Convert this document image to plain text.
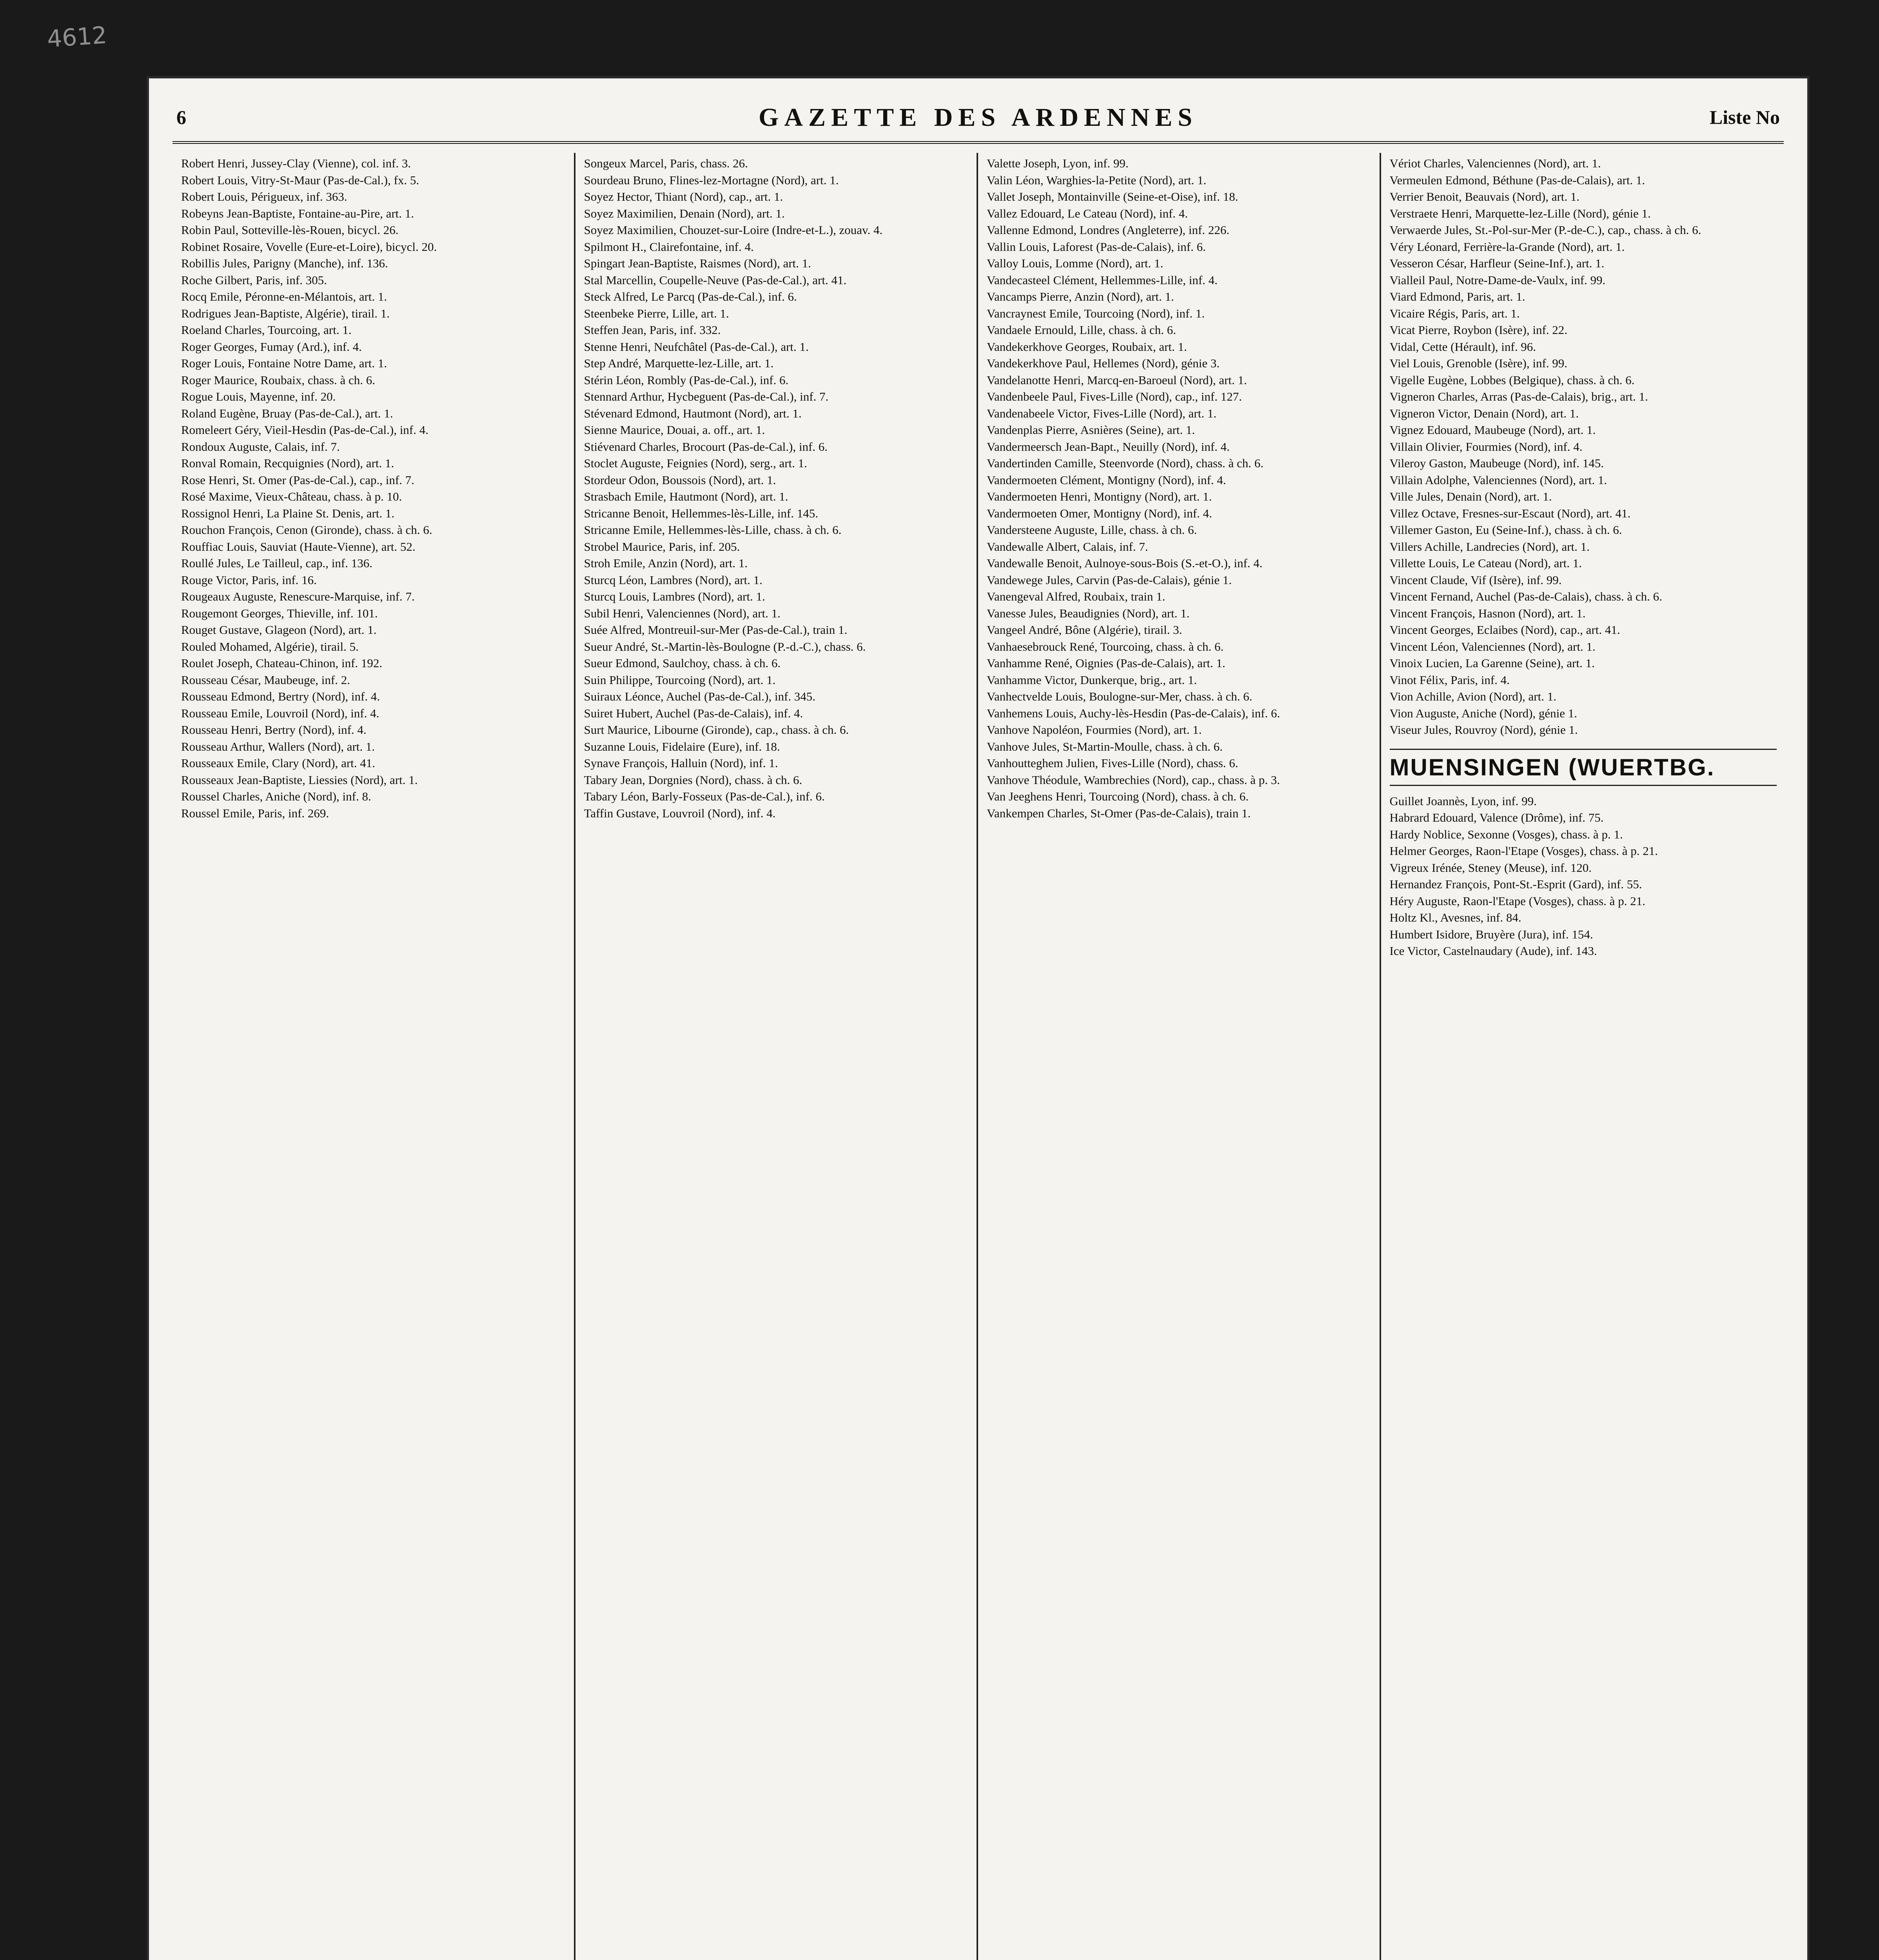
4612
6	GAZETTE DES ARDENNES	Liste No
Robert Henri, Jussey-Clay (Vienne), col. inf. 3.
Robert Louis, Vitry-St-Maur (Pas-de-Cal.), fx. 5.
Robert Louis, Périgueux, inf. 363.
Robeyns Jean-Baptiste, Fontaine-au-Pire, art. 1.
Robin Paul, Sotteville-lès-Rouen, bicycl. 26.
Robinet Rosaire, Vovelle (Eure-et-Loire), bicycl. 20.
Robillis Jules, Parigny (Manche), inf. 136.
Roche Gilbert, Paris, inf. 305.
Rocq Emile, Péronne-en-Mélantois, art. 1.
Rodrigues Jean-Baptiste, Algérie), tirail. 1.
Roeland Charles, Tourcoing, art. 1.
Roger Georges, Fumay (Ard.), inf. 4.
Roger Louis, Fontaine Notre Dame, art. 1.
Roger Maurice, Roubaix, chass. à ch. 6.
Rogue Louis, Mayenne, inf. 20.
Roland Eugène, Bruay (Pas-de-Cal.), art. 1.
Romeleert Géry, Vieil-Hesdin (Pas-de-Cal.), inf. 4.
Rondoux Auguste, Calais, inf. 7.
Ronval Romain, Recquignies (Nord), art. 1.
Rose Henri, St. Omer (Pas-de-Cal.), cap., inf. 7.
Rosé Maxime, Vieux-Château, chass. à p. 10.
Rossignol Henri, La Plaine St. Denis, art. 1.
Rouchon François, Cenon (Gironde), chass. à ch. 6.
Rouffiac Louis, Sauviat (Haute-Vienne), art. 52.
Roullé Jules, Le Tailleul, cap., inf. 136.
Rouge Victor, Paris, inf. 16.
Rougeaux Auguste, Renescure-Marquise, inf. 7.
Rougemont Georges, Thieville, inf. 101.
Rouget Gustave, Glageon (Nord), art. 1.
Rouled Mohamed, Algérie), tirail. 5.
Roulet Joseph, Chateau-Chinon, inf. 192.
Rousseau César, Maubeuge, inf. 2.
Rousseau Edmond, Bertry (Nord), inf. 4.
Rousseau Emile, Louvroil (Nord), inf. 4.
Rousseau Henri, Bertry (Nord), inf. 4.
Rousseau Arthur, Wallers (Nord), art. 1.
Rousseaux Emile, Clary (Nord), art. 41.
Rousseaux Jean-Baptiste, Liessies (Nord), art. 1.
Roussel Charles, Aniche (Nord), inf. 8.
Roussel Emile, Paris, inf. 269.
Songeux Marcel, Paris, chass. 26.
Sourdeau Bruno, Flines-lez-Mortagne (Nord), art. 1.
Soyez Hector, Thiant (Nord), cap., art. 1.
Soyez Maximilien, Denain (Nord), art. 1.
Soyez Maximilien, Chouzet-sur-Loire (Indre-et-L.), zouav. 4.
Spilmont H., Clairefontaine, inf. 4.
Spingart Jean-Baptiste, Raismes (Nord), art. 1.
Stal Marcellin, Coupelle-Neuve (Pas-de-Cal.), art. 41.
Steck Alfred, Le Parcq (Pas-de-Cal.), inf. 6.
Steenbeke Pierre, Lille, art. 1.
Steffen Jean, Paris, inf. 332.
Stenne Henri, Neufchâtel (Pas-de-Cal.), art. 1.
Step André, Marquette-lez-Lille, art. 1.
Stérin Léon, Rombly (Pas-de-Cal.), inf. 6.
Stennard Arthur, Hycbeguent (Pas-de-Cal.), inf. 7.
Stévenard Edmond, Hautmont (Nord), art. 1.
Sienne Maurice, Douai, a. off., art. 1.
Stiévenard Charles, Brocourt (Pas-de-Cal.), inf. 6.
Stoclet Auguste, Feignies (Nord), serg., art. 1.
Stordeur Odon, Boussois (Nord), art. 1.
Strasbach Emile, Hautmont (Nord), art. 1.
Stricanne Benoit, Hellemmes-lès-Lille, inf. 145.
Stricanne Emile, Hellemmes-lès-Lille, chass. à ch. 6.
Strobel Maurice, Paris, inf. 205.
Stroh Emile, Anzin (Nord), art. 1.
Sturcq Léon, Lambres (Nord), art. 1.
Sturcq Louis, Lambres (Nord), art. 1.
Subil Henri, Valenciennes (Nord), art. 1.
Suée Alfred, Montreuil-sur-Mer (Pas-de-Cal.), train 1.
Sueur André, St.-Martin-lès-Boulogne (P.-d.-C.), chass. 6.
Sueur Edmond, Saulchoy, chass. à ch. 6.
Suin Philippe, Tourcoing (Nord), art. 1.
Suiraux Léonce, Auchel (Pas-de-Cal.), inf. 345.
Suiret Hubert, Auchel (Pas-de-Calais), inf. 4.
Surt Maurice, Libourne (Gironde), cap., chass. à ch. 6.
Suzanne Louis, Fidelaire (Eure), inf. 18.
Synave François, Halluin (Nord), inf. 1.
Tabary Jean, Dorgnies (Nord), chass. à ch. 6.
Tabary Léon, Barly-Fosseux (Pas-de-Cal.), inf. 6.
Taffin Gustave, Louvroil (Nord), inf. 4.
Valette Joseph, Lyon, inf. 99.
Valin Léon, Warghies-la-Petite (Nord), art. 1.
Vallet Joseph, Montainville (Seine-et-Oise), inf. 18.
Vallez Edouard, Le Cateau (Nord), inf. 4.
Vallenne Edmond, Londres (Angleterre), inf. 226.
Vallin Louis, Laforest (Pas-de-Calais), inf. 6.
Valloy Louis, Lomme (Nord), art. 1.
Vandecasteel Clément, Hellemmes-Lille, inf. 4.
Vancamps Pierre, Anzin (Nord), art. 1.
Vancraynest Emile, Tourcoing (Nord), inf. 1.
Vandaele Ernould, Lille, chass. à ch. 6.
Vandekerkhove Georges, Roubaix, art. 1.
Vandekerkhove Paul, Hellemes (Nord), génie 3.
Vandelanotte Henri, Marcq-en-Baroeul (Nord), art. 1.
Vandenbeele Paul, Fives-Lille (Nord), cap., inf. 127.
Vandenabeele Victor, Fives-Lille (Nord), art. 1.
Vandenplas Pierre, Asnières (Seine), art. 1.
Vandermeersch Jean-Bapt., Neuilly (Nord), inf. 4.
Vandertinden Camille, Steenvorde (Nord), chass. à ch. 6.
Vandermoeten Clément, Montigny (Nord), inf. 4.
Vandermoeten Henri, Montigny (Nord), art. 1.
Vandermoeten Omer, Montigny (Nord), inf. 4.
Vandersteene Auguste, Lille, chass. à ch. 6.
Vandewalle Albert, Calais, inf. 7.
Vandewalle Benoit, Aulnoye-sous-Bois (S.-et-O.), inf. 4.
Vandewege Jules, Carvin (Pas-de-Calais), génie 1.
Vanengeval Alfred, Roubaix, train 1.
Vanesse Jules, Beaudignies (Nord), art. 1.
Vangeel André, Bône (Algérie), tirail. 3.
Vanhaesebrouck René, Tourcoing, chass. à ch. 6.
Vanhamme René, Oignies (Pas-de-Calais), art. 1.
Vanhamme Victor, Dunkerque, brig., art. 1.
Vanhectvelde Louis, Boulogne-sur-Mer, chass. à ch. 6.
Vanhemens Louis, Auchy-lès-Hesdin (Pas-de-Calais), inf. 6.
Vanhove Napoléon, Fourmies (Nord), art. 1.
Vanhove Jules, St-Martin-Moulle, chass. à ch. 6.
Vanhoutteghem Julien, Fives-Lille (Nord), chass. 6.
Vanhove Théodule, Wambrechies (Nord), cap., chass. à p. 3.
Van Jeeghens Henri, Tourcoing (Nord), chass. à ch. 6.
Vankempen Charles, St-Omer (Pas-de-Calais), train 1.
Vériot Charles, Valenciennes (Nord), art. 1.
Vermeulen Edmond, Béthune (Pas-de-Calais), art. 1.
Verrier Benoit, Beauvais (Nord), art. 1.
Verstraete Henri, Marquette-lez-Lille (Nord), génie 1.
Verwaerde Jules, St.-Pol-sur-Mer (P.-de-C.), cap., chass. à ch. 6.
Véry Léonard, Ferrière-la-Grande (Nord), art. 1.
Vesseron César, Harfleur (Seine-Inf.), art. 1.
Vialleil Paul, Notre-Dame-de-Vaulx, inf. 99.
Viard Edmond, Paris, art. 1.
Vicaire Régis, Paris, art. 1.
Vicat Pierre, Roybon (Isère), inf. 22.
Vidal, Cette (Hérault), inf. 96.
Viel Louis, Grenoble (Isère), inf. 99.
Vigelle Eugène, Lobbes (Belgique), chass. à ch. 6.
Vigneron Charles, Arras (Pas-de-Calais), brig., art. 1.
Vigneron Victor, Denain (Nord), art. 1.
Vignez Edouard, Maubeuge (Nord), art. 1.
Villain Olivier, Fourmies (Nord), inf. 4.
Vileroy Gaston, Maubeuge (Nord), inf. 145.
Villain Adolphe, Valenciennes (Nord), art. 1.
Ville Jules, Denain (Nord), art. 1.
Villez Octave, Fresnes-sur-Escaut (Nord), art. 41.
Villemer Gaston, Eu (Seine-Inf.), chass. à ch. 6.
Villers Achille, Landrecies (Nord), art. 1.
Villette Louis, Le Cateau (Nord), art. 1.
Vincent Claude, Vif (Isère), inf. 99.
Vincent Fernand, Auchel (Pas-de-Calais), chass. à ch. 6.
Vincent François, Hasnon (Nord), art. 1.
Vincent Georges, Eclaibes (Nord), cap., art. 41.
Vincent Léon, Valenciennes (Nord), art. 1.
Vinoix Lucien, La Garenne (Seine), art. 1.
Vinot Félix, Paris, inf. 4.
Vion Achille, Avion (Nord), art. 1.
Vion Auguste, Aniche (Nord), génie 1.
Viseur Jules, Rouvroy (Nord), génie 1.
MUENSINGEN (WUERTBG.
Guillet Joannès, Lyon, inf. 99.
Habrard Edouard, Valence (Drôme), inf. 75.
Hardy Noblice, Sexonne (Vosges), chass. à p. 1.
Helmer Georges, Raon-l'Etape (Vosges), chass. à p. 21.
Vigreux Irénée, Steney (Meuse), inf. 120.
Hernandez François, Pont-St.-Esprit (Gard), inf. 55.
Héry Auguste, Raon-l'Etape (Vosges), chass. à p. 21.
Holtz Kl., Avesnes, inf. 84.
Humbert Isidore, Bruyère (Jura), inf. 154.
Ice Victor, Castelnaudary (Aude), inf. 143.
